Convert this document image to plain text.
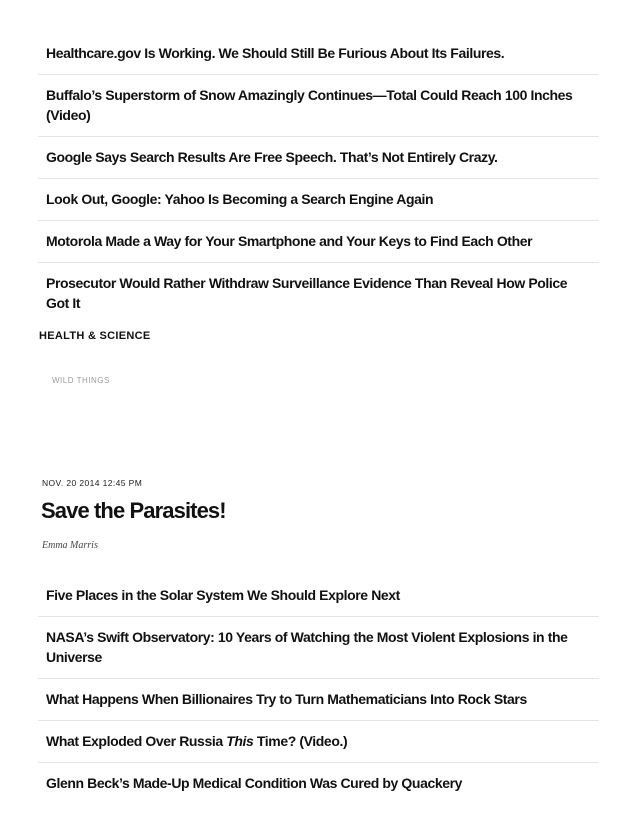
Healthcare.gov Is Working. We Should Still Be Furious About Its Failures.
Buffalo’s Superstorm of Snow Amazingly Continues—Total Could Reach 100 Inches (Video)
Google Says Search Results Are Free Speech. That’s Not Entirely Crazy.
Look Out, Google: Yahoo Is Becoming a Search Engine Again
Motorola Made a Way for Your Smartphone and Your Keys to Find Each Other
Prosecutor Would Rather Withdraw Surveillance Evidence Than Reveal How Police Got It

HEALTH & SCIENCE

WILD THINGS

NOV. 20 2014 12:45 PM

Save the Parasites!

Emma Marris

Five Places in the Solar System We Should Explore Next
NASA’s Swift Observatory: 10 Years of Watching the Most Violent Explosions in the Universe
What Happens When Billionaires Try to Turn Mathematicians Into Rock Stars
What Exploded Over Russia This Time? (Video.)
Glenn Beck’s Made-Up Medical Condition Was Cured by Quackery
